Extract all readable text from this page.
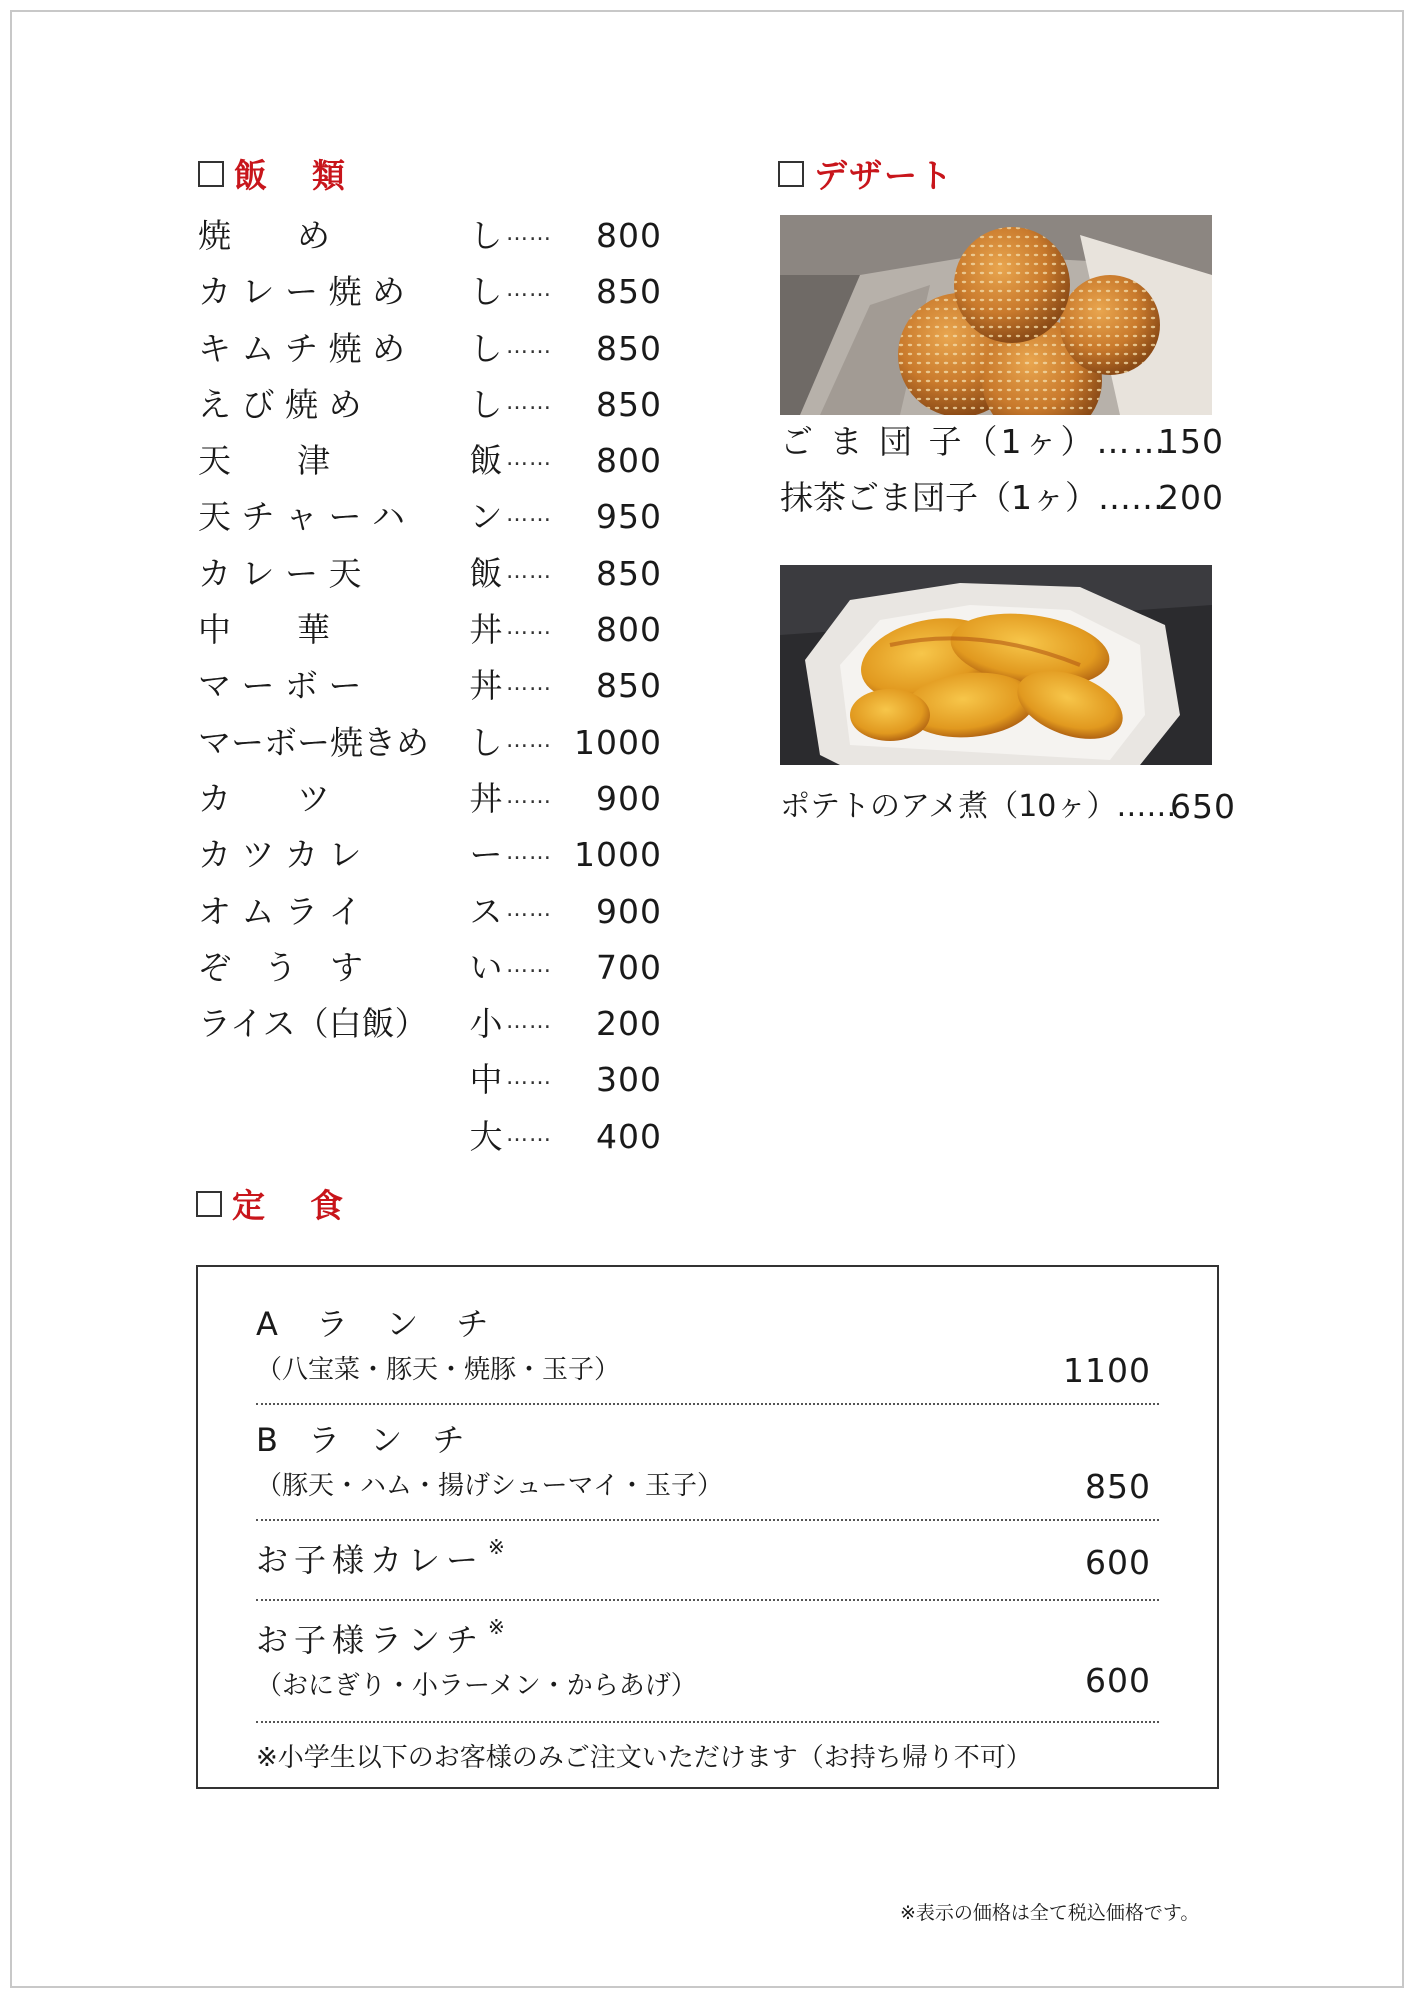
飯　類
焼　　め	し ……	800
カ レ ー 焼 め	し ……	850
キ ム チ 焼 め	し ……	850
え び 焼 め	し ……	850
天　　津	飯 ……	800
天 チ ャ ー ハ	ン ……	950
カ レ ー 天	飯 ……	850
中　　華	丼 ……	800
マ ー ボ ー	丼 ……	850
マーボー焼きめ	し …… 1000
カ　　ツ	丼 ……	900
カ ツ カ レ	ー …… 1000
オ ム ラ イ	ス ……	900
ぞ　う　す	い ……	700
ライス（白飯）	小 ……	200
中 ……	300
大 ……	400
デザート
ご ま 団 子（1ヶ）……
150
抹茶ごま団子（1ヶ）……
200
ポテトのアメ煮（10ヶ）……
650
定　食
A ラ ン チ
（八宝菜・豚天・焼豚・玉子）	1100
B ラ ン チ
（豚天・ハム・揚げシューマイ・玉子）	850
お子様カレー ※	600
お子様ランチ ※
（おにぎり・小ラーメン・からあげ）	600
※小学生以下のお客様のみご注文いただけます（お持ち帰り不可）
※表示の価格は全て税込価格です。
